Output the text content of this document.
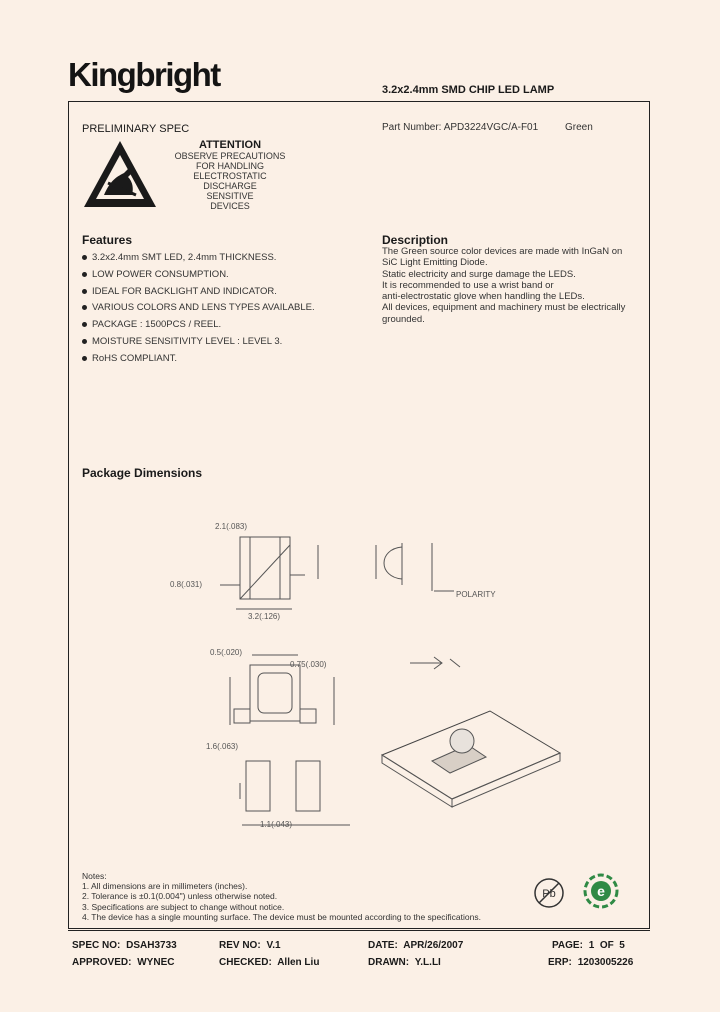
Kingbright	3.2x2.4mm SMD CHIP LED LAMP
PRELIMINARY SPEC	Part Number: APD3224VGC/A-F01	Green
ATTENTION
OBSERVE PRECAUTIONS
FOR HANDLING
ELECTROSTATIC
DISCHARGE
SENSITIVE
DEVICES
Features
3.2x2.4mm SMT LED, 2.4mm THICKNESS.
LOW POWER CONSUMPTION.
IDEAL FOR BACKLIGHT AND INDICATOR.
VARIOUS COLORS AND LENS TYPES AVAILABLE.
PACKAGE : 1500PCS / REEL.
MOISTURE SENSITIVITY LEVEL : LEVEL 3.
RoHS COMPLIANT.
Description

The Green source color devices are made with InGaN on

SiC Light Emitting Diode.

Static electricity and surge damage the LEDS.

It is recommended to use a wrist band or

anti-electrostatic glove when handling the LEDs.

All devices, equipment and machinery must be electrically

grounded.

Package Dimensions
2.1(.083)
0.8(.031)
3.2(.126)
POLARITY
0.5(.020)
0.75(.030)
1.6(.063)
1.1(.043)
Notes:
1. All dimensions are in millimeters (inches).
2. Tolerance is ±0.1(0.004") unless otherwise noted.
3. Specifications are subject to change without notice.
4. The device has a single mounting surface. The device must be mounted according to the specifications.
Pb	e
SPEC NO: DSAH3733	REV NO: V.1	DATE: APR/26/2007	PAGE: 1  OF  5
APPROVED: WYNEC	CHECKED: Allen Liu	DRAWN: Y.L.LI	ERP: 1203005226
